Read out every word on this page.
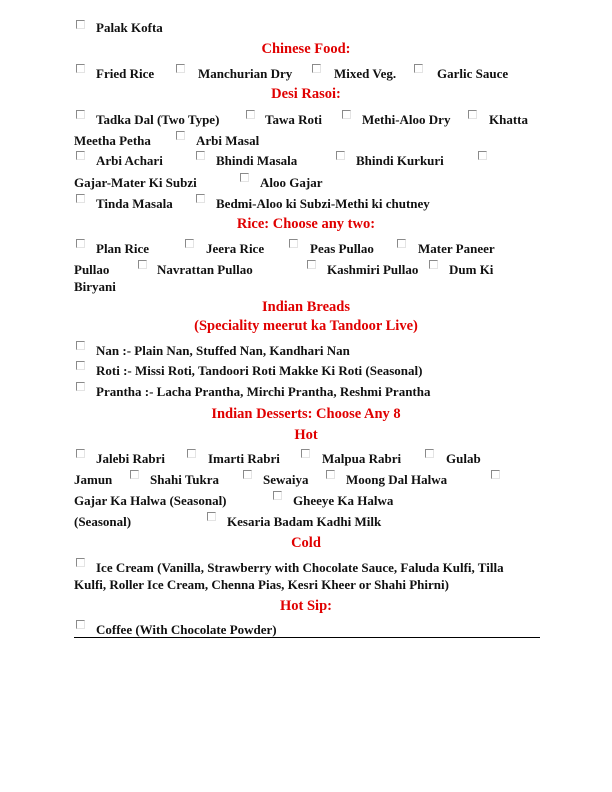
Palak Kofta
Chinese Food:
Fried Rice	Manchurian Dry	Mixed Veg.	Garlic Sauce
Desi Rasoi:
Tadka Dal (Two Type)	Tawa Roti	Methi-Aloo Dry	Khatta
Meetha Petha	Arbi Masal
Arbi Achari	Bhindi Masala	Bhindi Kurkuri
Gajar-Mater Ki Subzi	Aloo Gajar
Tinda Masala	Bedmi-Aloo ki Subzi-Methi ki chutney
Rice: Choose any two:
Plan Rice	Jeera Rice	Peas Pullao	Mater Paneer
Pullao	Navrattan Pullao	Kashmiri Pullao Dum Ki
Biryani
Indian Breads
(Speciality meerut ka Tandoor Live)
Nan :- Plain Nan, Stuffed Nan, Kandhari Nan
Roti :- Missi Roti, Tandoori Roti Makke Ki Roti (Seasonal)
Prantha :- Lacha Prantha, Mirchi Prantha, Reshmi Prantha
Indian Desserts: Choose Any 8
Hot
Jalebi Rabri	Imarti Rabri	Malpua Rabri	Gulab
Jamun	Shahi Tukra	Sewaiya	Moong Dal Halwa
Gajar Ka Halwa (Seasonal)	Gheeye Ka Halwa
(Seasonal)	Kesaria Badam Kadhi Milk
Cold
Ice Cream (Vanilla, Strawberry with Chocolate Sauce, Faluda Kulfi, Tilla
Kulfi, Roller Ice Cream, Chenna Pias, Kesri Kheer or Shahi Phirni)
Hot Sip:
Coffee (With Chocolate Powder)
